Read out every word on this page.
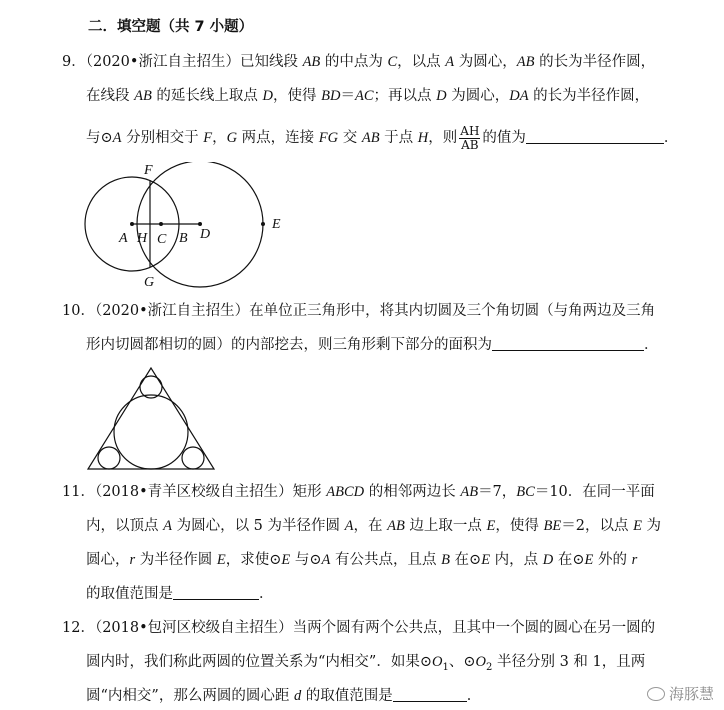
二．填空题（共 7 小题）
9．（2020•浙江自主招生）已知线段 AB 的中点为 C，以点 A 为圆心，AB 的长为半径作圆，
在线段 AB 的延长线上取点 D，使得 BD＝AC；再以点 D 为圆心，DA 的长为半径作圆，
与⊙A 分别相交于 F，G 两点，连接 FG 交 AB 于点 H，则 $\frac{AH}{AB}$ 的值为	．
F
G
A H C B D
E
10．（2020•浙江自主招生）在单位正三角形中，将其内切圆及三个角切圆（与角两边及三角
形内切圆都相切的圆）的内部挖去，则三角形剩下部分的面积为	．
11．（2018•青羊区校级自主招生）矩形 ABCD 的相邻两边长 AB＝7，BC＝10．在同一平面
内，以顶点 A 为圆心，以 5 为半径作圆 A，在 AB 边上取一点 E，使得 BE＝2，以点 E 为
圆心，r 为半径作圆 E，求使⊙E 与⊙A 有公共点，且点 B 在⊙E 内，点 D 在⊙E 外的 r
的取值范围是	．
12．（2018•包河区校级自主招生）当两个圆有两个公共点，且其中一个圆的圆心在另一圆的
圆内时，我们称此两圆的位置关系为“内相交”．如果$⊙O_1$、$⊙O_2$ 半径分别 3 和 1，且两
圆“内相交”，那么两圆的圆心距 d 的取值范围是	．	海豚慧
